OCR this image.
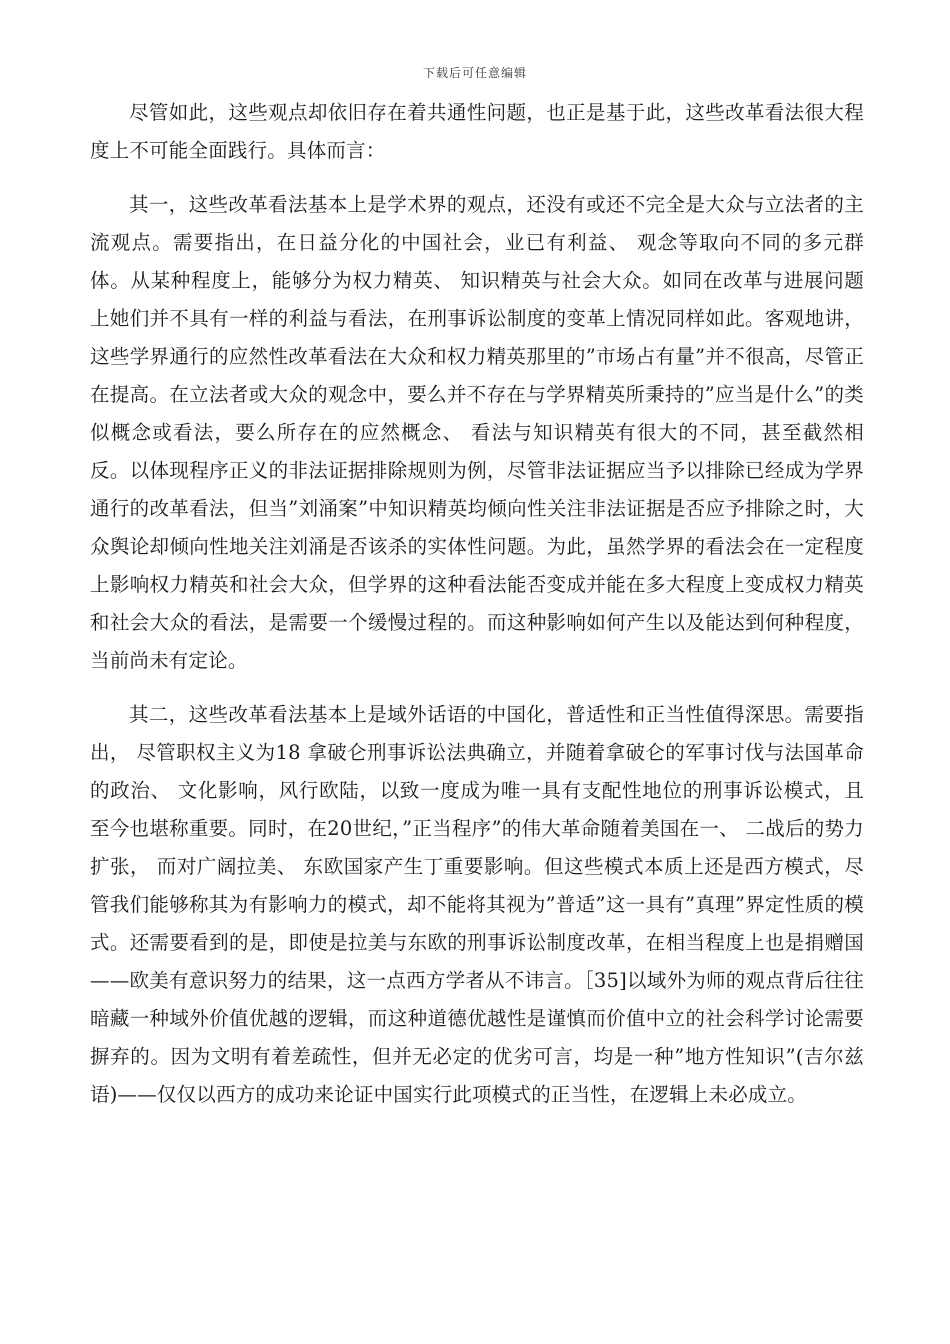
下载后可任意编辑

尽管如此，这些观点却依旧存在着共通性问题，也正是基于此，这些改革看法很大程度上不可能全面践行。具体而言：

其一，这些改革看法基本上是学术界的观点，还没有或还不完全是大众与立法者的主流观点。需要指出，在日益分化的中国社会，业已有利益、 观念等取向不同的多元群体。从某种程度上，能够分为权力精英、 知识精英与社会大众。如同在改革与进展问题上她们并不具有一样的利益与看法，在刑事诉讼制度的变革上情况同样如此。客观地讲，这些学界通行的应然性改革看法在大众和权力精英那里的”市场占有量”并不很高，尽管正在提高。在立法者或大众的观念中，要么并不存在与学界精英所秉持的”应当是什么”的类似概念或看法，要么所存在的应然概念、 看法与知识精英有很大的不同，甚至截然相反。以体现程序正义的非法证据排除规则为例，尽管非法证据应当予以排除已经成为学界通行的改革看法，但当”刘涌案”中知识精英均倾向性关注非法证据是否应予排除之时，大众舆论却倾向性地关注刘涌是否该杀的实体性问题。为此，虽然学界的看法会在一定程度上影响权力精英和社会大众，但学界的这种看法能否变成并能在多大程度上变成权力精英和社会大众的看法，是需要一个缓慢过程的。而这种影响如何产生以及能达到何种程度，当前尚未有定论。

其二，这些改革看法基本上是域外话语的中国化，普适性和正当性值得深思。需要指出， 尽管职权主义为18 拿破仑刑事诉讼法典确立，并随着拿破仑的军事讨伐与法国革命的政治、 文化影响，风行欧陆，以致一度成为唯一具有支配性地位的刑事诉讼模式，且至今也堪称重要。同时，在20世纪，”正当程序”的伟大革命随着美国在一、 二战后的势力扩张， 而对广阔拉美、 东欧国家产生丁重要影响。但这些模式本质上还是西方模式，尽管我们能够称其为有影响力的模式，却不能将其视为”普适”这一具有”真理”界定性质的模式。还需要看到的是，即使是拉美与东欧的刑事诉讼制度改革，在相当程度上也是捐赠国——欧美有意识努力的结果，这一点西方学者从不讳言。［35]以域外为师的观点背后往往暗藏一种域外价值优越的逻辑，而这种道德优越性是谨慎而价值中立的社会科学讨论需要摒弃的。因为文明有着差疏性，但并无必定的优劣可言，均是一种”地方性知识”(吉尔兹语)——仅仅以西方的成功来论证中国实行此项模式的正当性，在逻辑上未必成立。
